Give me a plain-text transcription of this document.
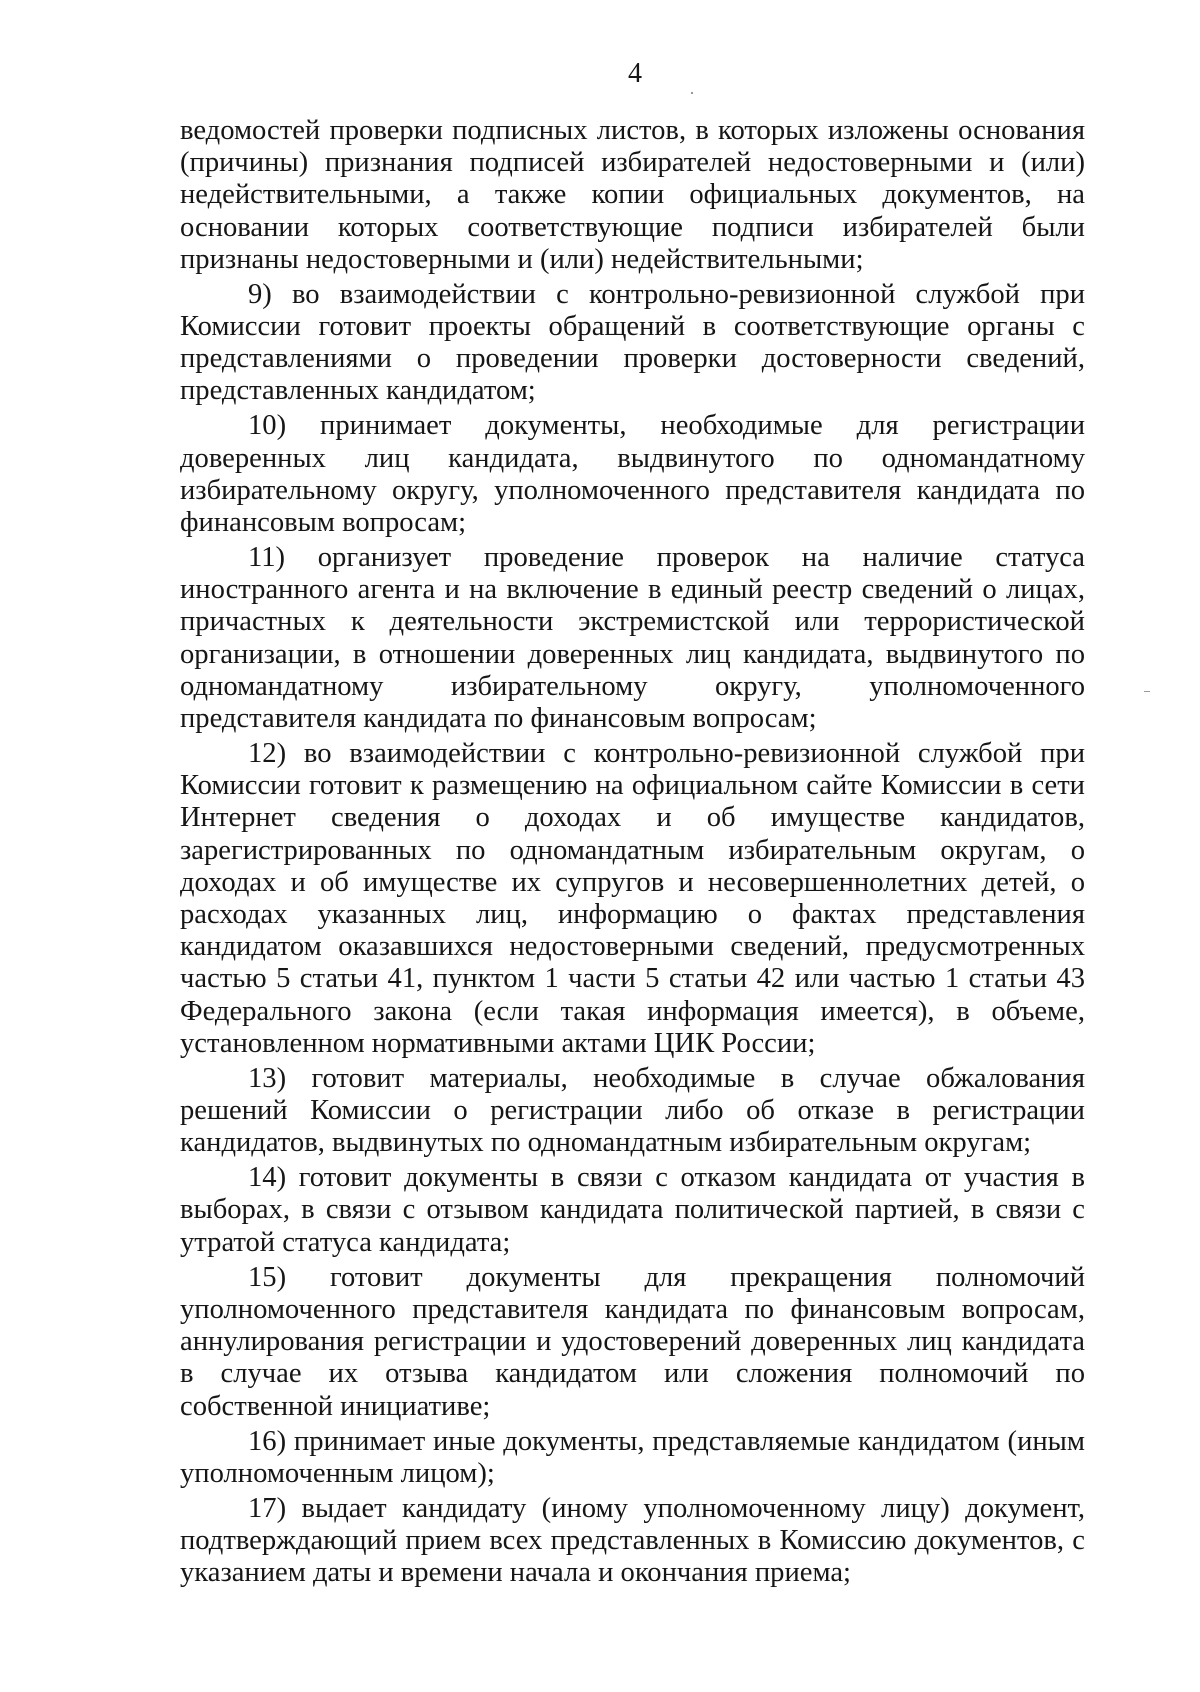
4

ведомостей проверки подписных листов, в которых изложены основания (причины) признания подписей избирателей недостоверными и (или) недействительными, а также копии официальных документов, на основании которых соответствующие подписи избирателей были признаны недостоверными и (или) недействительными;

9) во взаимодействии с контрольно-ревизионной службой при Комиссии готовит проекты обращений в соответствующие органы с представлениями о проведении проверки достоверности сведений, представленных кандидатом;

10) принимает документы, необходимые для регистрации доверенных лиц кандидата, выдвинутого по одномандатному избирательному округу, уполномоченного представителя кандидата по финансовым вопросам;

11) организует проведение проверок на наличие статуса иностранного агента и на включение в единый реестр сведений о лицах, причастных к деятельности экстремистской или террористической организации, в отношении доверенных лиц кандидата, выдвинутого по одномандатному избирательному округу, уполномоченного представителя кандидата по финансовым вопросам;

12) во взаимодействии с контрольно-ревизионной службой при Комиссии готовит к размещению на официальном сайте Комиссии в сети Интернет сведения о доходах и об имуществе кандидатов, зарегистрированных по одномандатным избирательным округам, о доходах и об имуществе их супругов и несовершеннолетних детей, о расходах указанных лиц, информацию о фактах представления кандидатом оказавшихся недостоверными сведений, предусмотренных частью 5 статьи 41, пунктом 1 части 5 статьи 42 или частью 1 статьи 43 Федерального закона (если такая информация имеется), в объеме, установленном нормативными актами ЦИК России;

13) готовит материалы, необходимые в случае обжалования решений Комиссии о регистрации либо об отказе в регистрации кандидатов, выдвинутых по одномандатным избирательным округам;

14) готовит документы в связи с отказом кандидата от участия в выборах, в связи с отзывом кандидата политической партией, в связи с утратой статуса кандидата;

15) готовит документы для прекращения полномочий уполномоченного представителя кандидата по финансовым вопросам, аннулирования регистрации и удостоверений доверенных лиц кандидата в случае их отзыва кандидатом или сложения полномочий по собственной инициативе;

16) принимает иные документы, представляемые кандидатом (иным уполномоченным лицом);

17) выдает кандидату (иному уполномоченному лицу) документ, подтверждающий прием всех представленных в Комиссию документов, с указанием даты и времени начала и окончания приема;
